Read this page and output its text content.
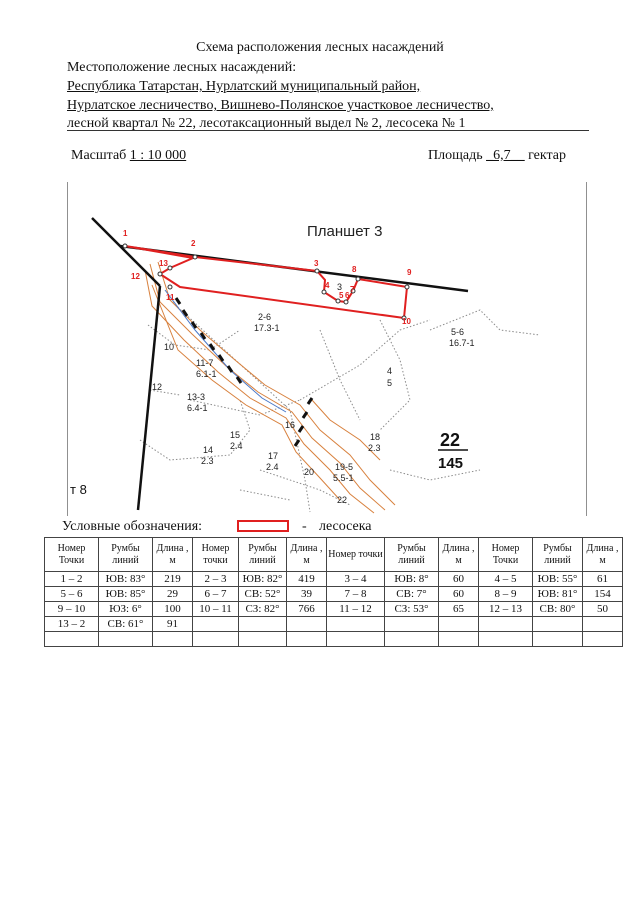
Схема расположения лесных насаждений
Местоположение лесных насаждений:
Республика Татарстан, Нурлатский муниципальный район,
Нурлатское лесничество, Вишнево-Полянское участковое лесничество,
лесной квартал № 22, лесотаксационный выдел № 2, лесосека № 1
Масштаб 1 : 10 000	Площадь _6,7__ гектар
1
2
3
4
5 6
7
8	9
10
11
12
13
Планшет 3
22
145
т 8
2-6
17.3-1	5-6
16.7-1
4
5
11-7
6.1-1
13-3
6.4-1
15
2.4
14
2.3	17
2.4
18
2.3
19-5
5.5-1
3
10
12
16
20
22
Условные обозначения:	- лесосека
Номер Точки	Румбы линий	Длина , м	Номер точки	Румбы линий	Длина , м	Номер точки	Румбы линий	Длина , м	Номер Точки	Румбы линий	Длина , м
1 – 2	ЮВ: 83°	219	2 – 3	ЮВ: 82°	419	3 – 4	ЮВ: 8°	60	4 – 5	ЮВ: 55°	61
5 – 6	ЮВ: 85°	29	6 – 7	СВ: 52°	39	7 – 8	СВ: 7°	60	8 – 9	ЮВ: 81°	154
9 – 10	ЮЗ: 6°	100	10 – 11	СЗ: 82°	766	11 – 12	СЗ: 53°	65	12 – 13	СВ: 80°	50
13 – 2	СВ: 61°	91									
